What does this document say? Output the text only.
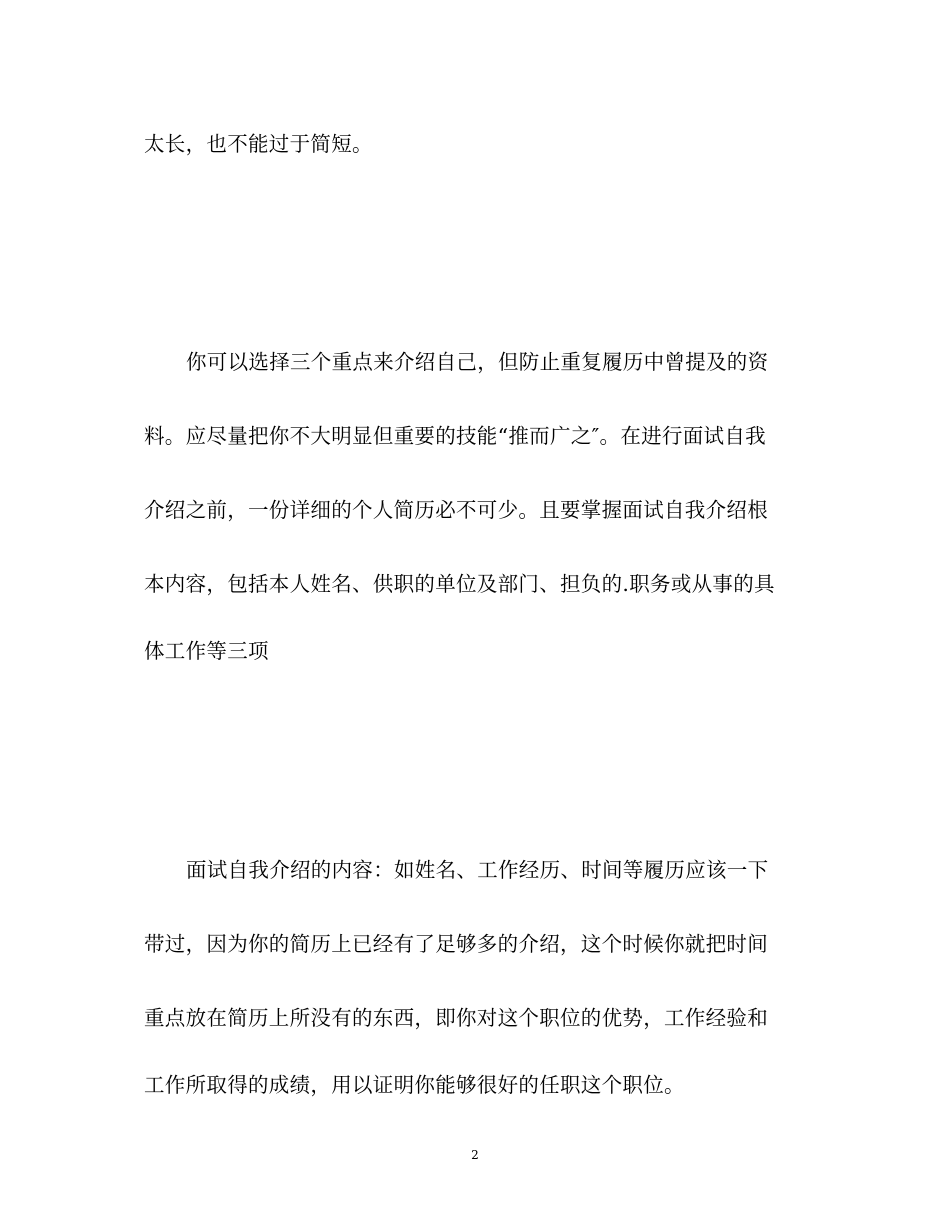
太长，也不能过于简短。
你可以选择三个重点来介绍自己，但防止重复履历中曾提及的资
料。应尽量把你不大明显但重要的技能“推而广之″。在进行面试自我
介绍之前，一份详细的个人简历必不可少。且要掌握面试自我介绍根
本内容，包括本人姓名、供职的单位及部门、担负的.职务或从事的具
体工作等三项
面试自我介绍的内容：如姓名、工作经历、时间等履历应该一下
带过，因为你的简历上已经有了足够多的介绍，这个时候你就把时间
重点放在简历上所没有的东西，即你对这个职位的优势，工作经验和
工作所取得的成绩，用以证明你能够很好的任职这个职位。
2
